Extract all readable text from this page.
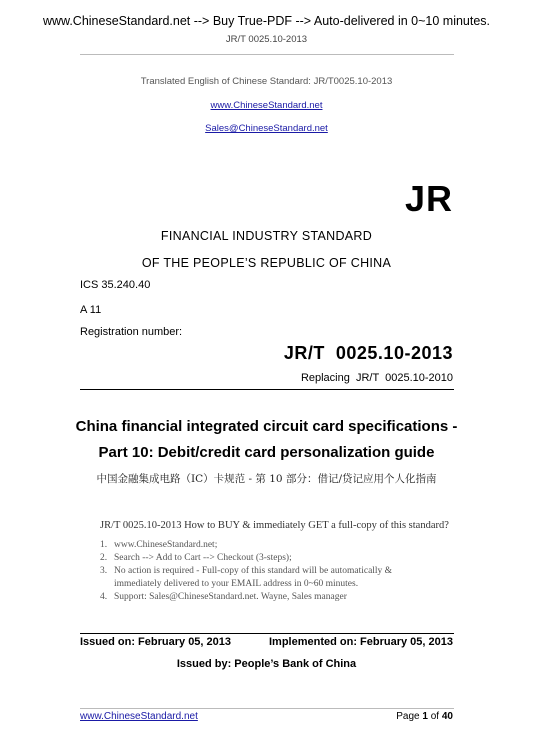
www.ChineseStandard.net --> Buy True-PDF --> Auto-delivered in 0~10 minutes.
JR/T 0025.10-2013
Translated English of Chinese Standard: JR/T0025.10-2013
www.ChineseStandard.net
Sales@ChineseStandard.net
JR
FINANCIAL INDUSTRY STANDARD
OF THE PEOPLE’S REPUBLIC OF CHINA
ICS 35.240.40
A 11
Registration number:
JR/T  0025.10-2013
Replacing  JR/T  0025.10-2010
China financial integrated circuit card specifications -
Part 10: Debit/credit card personalization guide
中国金融集成电路（IC）卡规范 - 第 10 部分：借记/贷记应用个人化指南
JR/T 0025.10-2013 How to BUY & immediately GET a full-copy of this standard?
1. www.ChineseStandard.net;
2. Search --> Add to Cart --> Checkout (3-steps);
3. No action is required - Full-copy of this standard will be automatically &
immediately delivered to your EMAIL address in 0~60 minutes.
4. Support: Sales@ChineseStandard.net. Wayne, Sales manager
Issued on: February 05, 2013	Implemented on: February 05, 2013
Issued by: People’s Bank of China
www.ChineseStandard.net	Page 1 of 40
